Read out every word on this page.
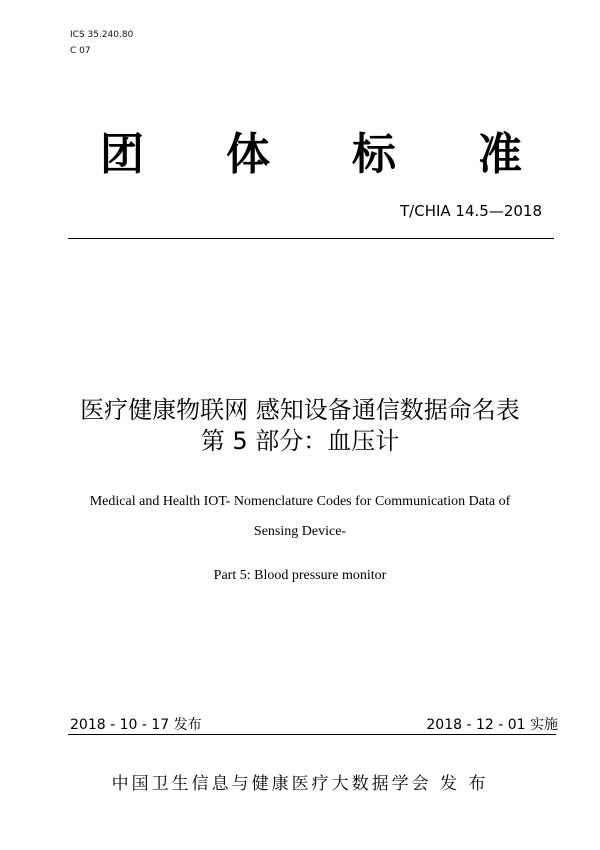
ICS 35.240.80
C 07
团 体 标 准
T/CHIA 14.5—2018
医疗健康物联网 感知设备通信数据命名表
第 5 部分：血压计
Medical and Health IOT- Nomenclature Codes for Communication Data of
Sensing Device-
Part 5: Blood pressure monitor
2018 - 10 - 17 发布	2018 - 12 - 01 实施
中国卫生信息与健康医疗大数据学会 发 布
